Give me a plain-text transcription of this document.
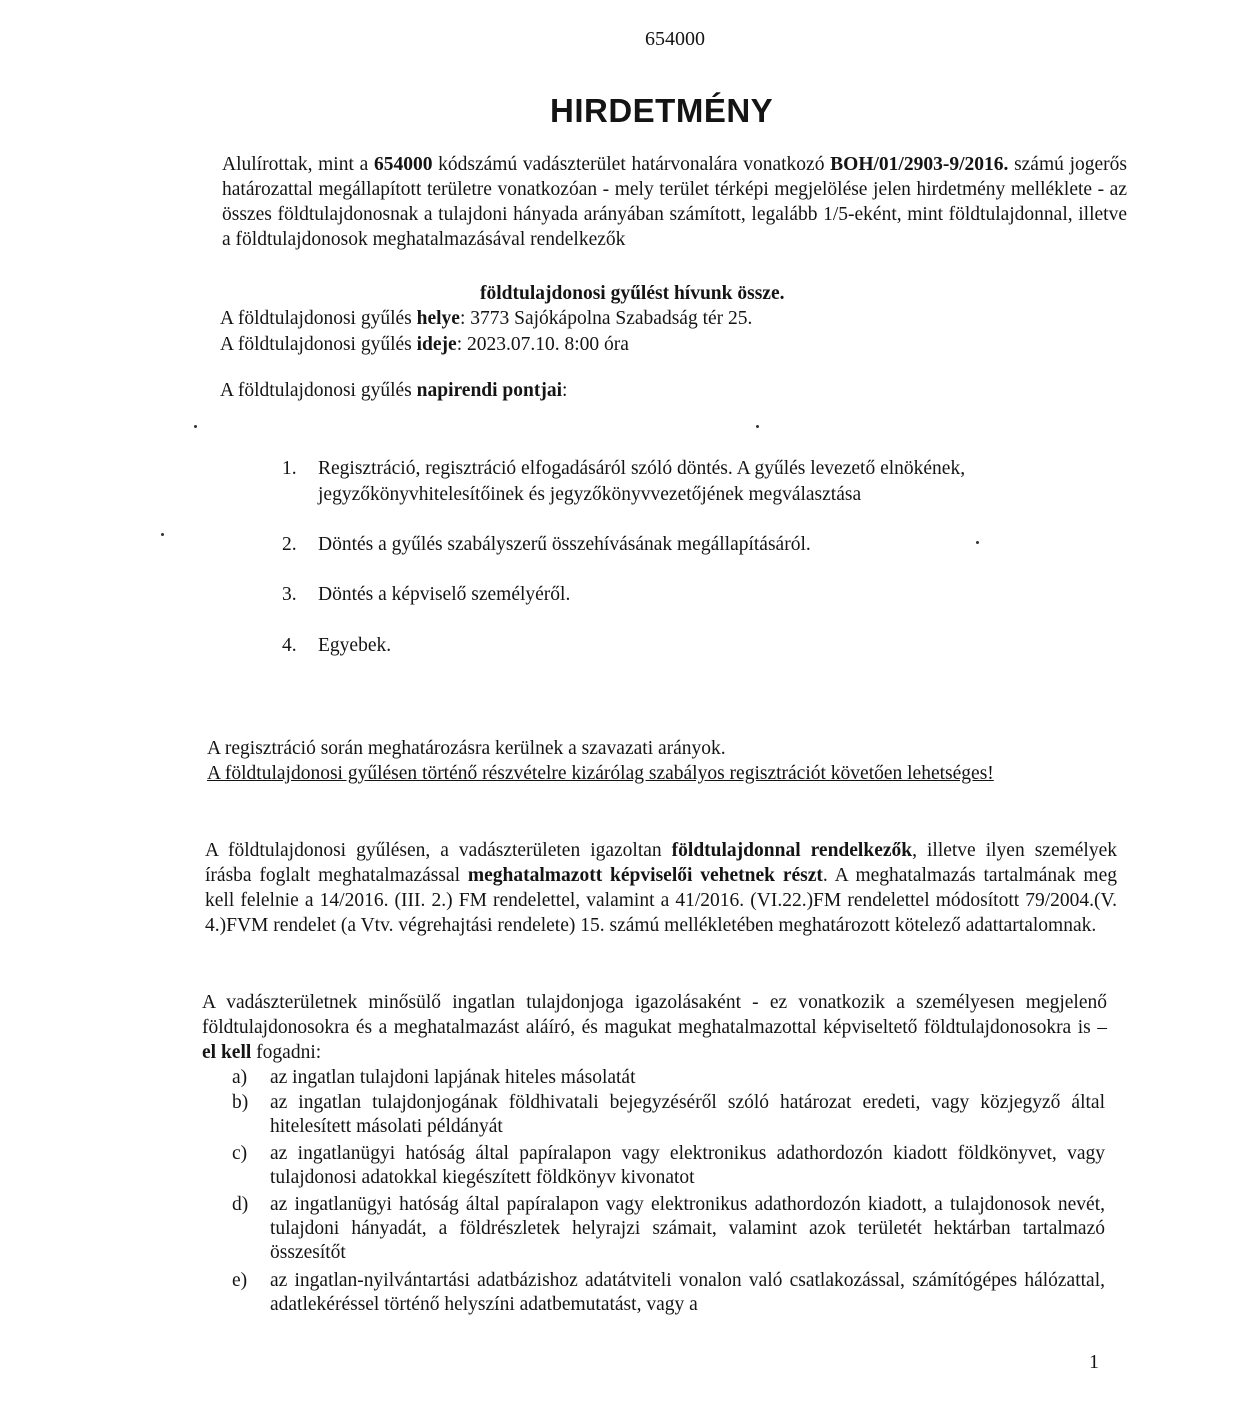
654000
HIRDETMÉNY
Alulírottak, mint a 654000 kódszámú vadászterület határvonalára vonatkozó BOH/01/2903-9/2016. számú jogerős határozattal megállapított területre vonatkozóan - mely terület térképi megjelölése jelen hirdetmény melléklete - az összes földtulajdonosnak a tulajdoni hányada arányában számított, legalább 1/5-eként, mint földtulajdonnal, illetve a földtulajdonosok meghatalmazásával rendelkezők
földtulajdonosi gyűlést hívunk össze.
A földtulajdonosi gyűlés helye: 3773 Sajókápolna Szabadság tér 25.
A földtulajdonosi gyűlés ideje: 2023.07.10. 8:00 óra
A földtulajdonosi gyűlés napirendi pontjai:
1. Regisztráció, regisztráció elfogadásáról szóló döntés. A gyűlés levezető elnökének, jegyzőkönyvhitelesítőinek és jegyzőkönyvvezetőjének megválasztása
2. Döntés a gyűlés szabályszerű összehívásának megállapításáról.
3. Döntés a képviselő személyéről.
4. Egyebek.
A regisztráció során meghatározásra kerülnek a szavazati arányok.
A földtulajdonosi gyűlésen történő részvételre kizárólag szabályos regisztrációt követően lehetséges!
A földtulajdonosi gyűlésen, a vadászterületen igazoltan földtulajdonnal rendelkezők, illetve ilyen személyek írásba foglalt meghatalmazással meghatalmazott képviselői vehetnek részt. A meghatalmazás tartalmának meg kell felelnie a 14/2016. (III. 2.) FM rendelettel, valamint a 41/2016. (VI.22.)FM rendelettel módosított 79/2004.(V. 4.)FVM rendelet (a Vtv. végrehajtási rendelete) 15. számú mellékletében meghatározott kötelező adattartalomnak.
A vadászterületnek minősülő ingatlan tulajdonjoga igazolásaként - ez vonatkozik a személyesen megjelenő földtulajdonosokra és a meghatalmazást aláíró, és magukat meghatalmazottal képviseltető földtulajdonosokra is – el kell fogadni:
a) az ingatlan tulajdoni lapjának hiteles másolatát
b) az ingatlan tulajdonjogának földhivatali bejegyzéséről szóló határozat eredeti, vagy közjegyző által hitelesített másolati példányát
c) az ingatlanügyi hatóság által papíralapon vagy elektronikus adathordozón kiadott földkönyvet, vagy tulajdonosi adatokkal kiegészített földkönyv kivonatot
d) az ingatlanügyi hatóság által papíralapon vagy elektronikus adathordozón kiadott, a tulajdonosok nevét, tulajdoni hányadát, a földrészletek helyrajzi számait, valamint azok területét hektárban tartalmazó összesítőt
e) az ingatlan-nyilvántartási adatbázishoz adatátviteli vonalon való csatlakozással, számítógépes hálózattal, adatlekéréssel történő helyszíni adatbemutatást, vagy a
1
